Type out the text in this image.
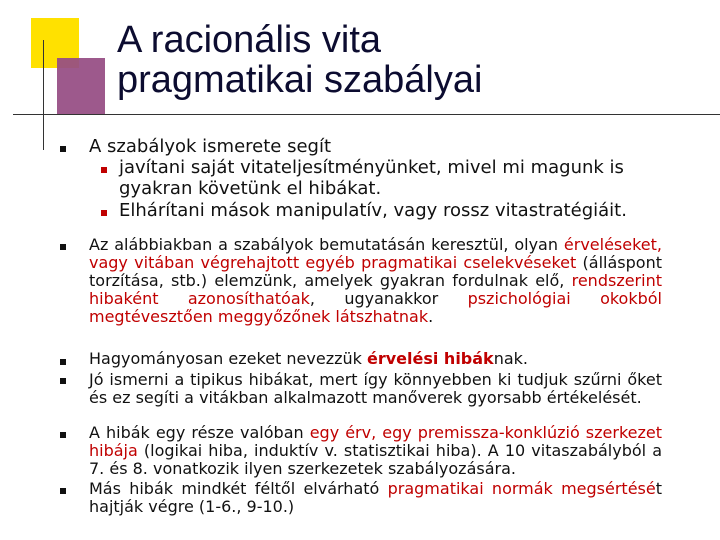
A racionális vita
pragmatikai szabályai
A szabályok ismerete segít
javítani saját vitateljesítményünket, mivel mi magunk is gyakran követünk el hibákat.
Elhárítani mások manipulatív, vagy rossz vitastratégiáit.
Az alábbiakban a szabályok bemutatásán keresztül, olyan érveléseket, vagy vitában végrehajtott egyéb pragmatikai cselekvéseket (álláspont torzítása, stb.) elemzünk, amelyek gyakran fordulnak elő, rendszerint hibaként azonosíthatóak, ugyanakkor pszichológiai okokból megtévesztően meggyőzőnek látszhatnak.
Hagyományosan ezeket nevezzük érvelési hibáknak.
Jó ismerni a tipikus hibákat, mert így könnyebben ki tudjuk szűrni őket és ez segíti a vitákban alkalmazott manőverek gyorsabb értékelését.
A hibák egy része valóban egy érv, egy premissza-konklúzió szerkezet hibája (logikai hiba, induktív v. statisztikai hiba). A 10 vitaszabályból a 7. és 8. vonatkozik ilyen szerkezetek szabályozására.
Más hibák mindkét féltől elvárható pragmatikai normák megsértését hajtják végre (1-6., 9-10.)
